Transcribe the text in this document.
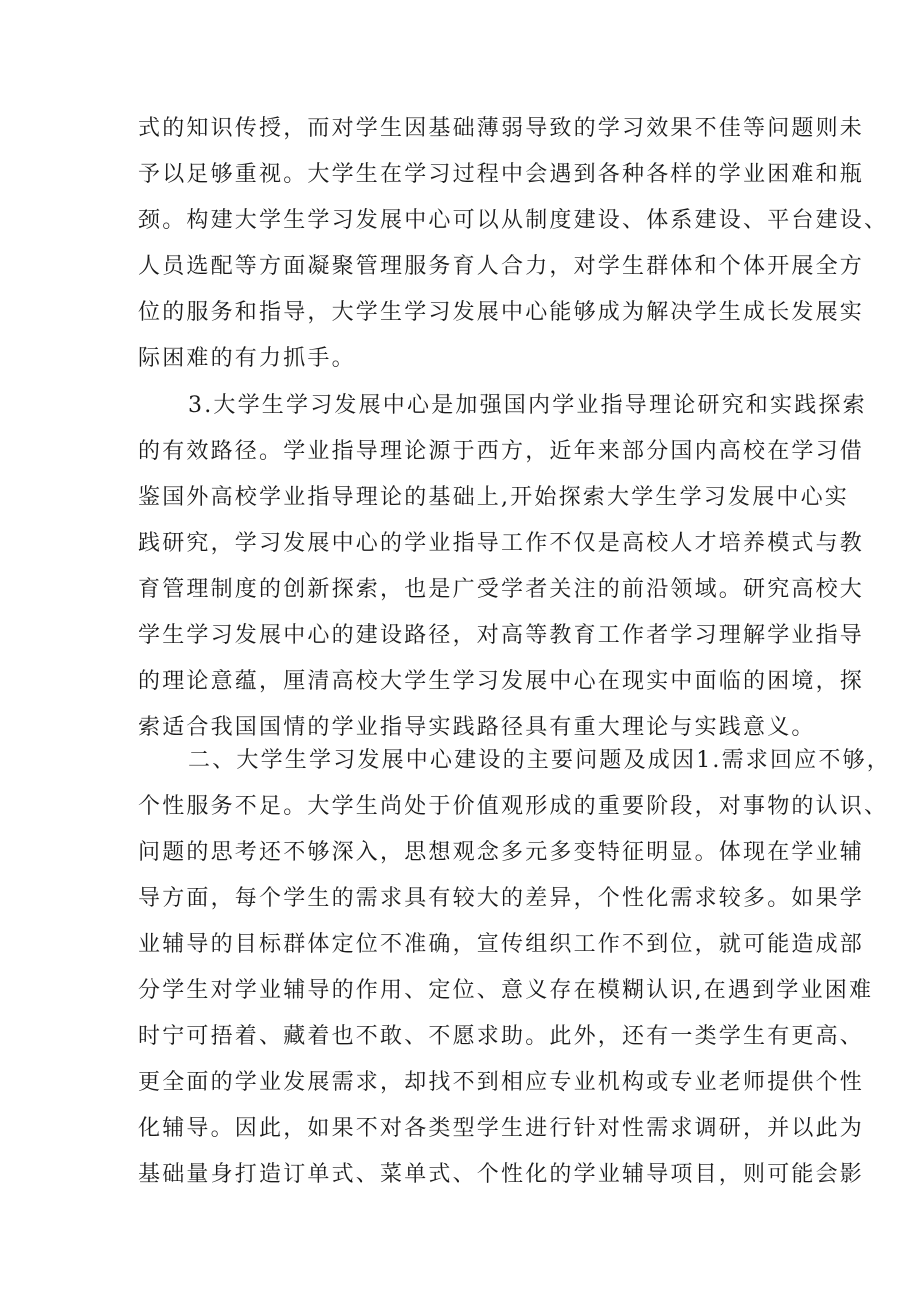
式的知识传授，而对学生因基础薄弱导致的学习效果不佳等问题则未
予以足够重视。大学生在学习过程中会遇到各种各样的学业困难和瓶
颈。构建大学生学习发展中心可以从制度建设、体系建设、平台建设、
人员选配等方面凝聚管理服务育人合力，对学生群体和个体开展全方
位的服务和指导，大学生学习发展中心能够成为解决学生成长发展实
际困难的有力抓手。
3.大学生学习发展中心是加强国内学业指导理论研究和实践探索
的有效路径。学业指导理论源于西方，近年来部分国内高校在学习借
鉴国外高校学业指导理论的基础上,开始探索大学生学习发展中心实
践研究，学习发展中心的学业指导工作不仅是高校人才培养模式与教
育管理制度的创新探索，也是广受学者关注的前沿领域。研究高校大
学生学习发展中心的建设路径，对高等教育工作者学习理解学业指导
的理论意蕴，厘清高校大学生学习发展中心在现实中面临的困境，探
索适合我国国情的学业指导实践路径具有重大理论与实践意义。
二、大学生学习发展中心建设的主要问题及成因1.需求回应不够，
个性服务不足。大学生尚处于价值观形成的重要阶段，对事物的认识、
问题的思考还不够深入，思想观念多元多变特征明显。体现在学业辅
导方面，每个学生的需求具有较大的差异，个性化需求较多。如果学
业辅导的目标群体定位不准确，宣传组织工作不到位，就可能造成部
分学生对学业辅导的作用、定位、意义存在模糊认识,在遇到学业困难
时宁可捂着、藏着也不敢、不愿求助。此外，还有一类学生有更高、
更全面的学业发展需求，却找不到相应专业机构或专业老师提供个性
化辅导。因此，如果不对各类型学生进行针对性需求调研，并以此为
基础量身打造订单式、菜单式、个性化的学业辅导项目，则可能会影
